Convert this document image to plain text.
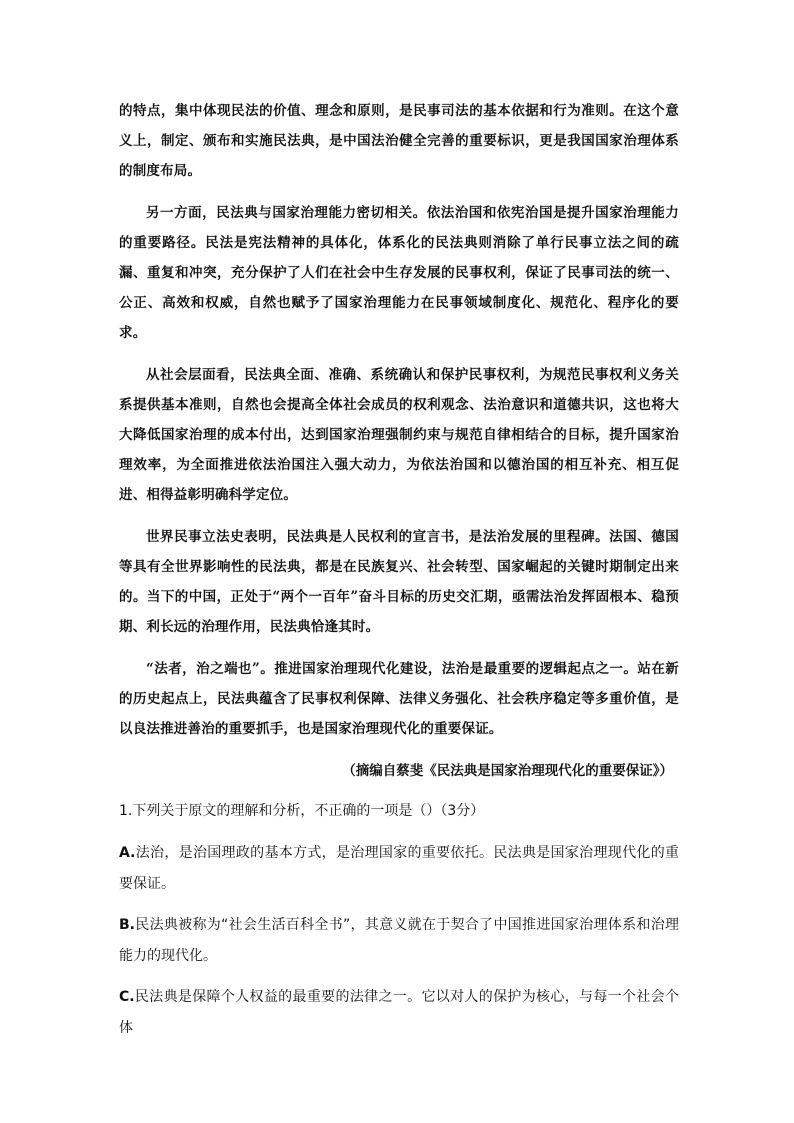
的特点，集中体现民法的价值、理念和原则，是民事司法的基本依据和行为准则。在这个意义上，制定、颁布和实施民法典，是中国法治健全完善的重要标识，更是我国国家治理体系的制度布局。

另一方面，民法典与国家治理能力密切相关。依法治国和依宪治国是提升国家治理能力的重要路径。民法是宪法精神的具体化，体系化的民法典则消除了单行民事立法之间的疏漏、重复和冲突，充分保护了人们在社会中生存发展的民事权利，保证了民事司法的统一、公正、高效和权威，自然也赋予了国家治理能力在民事领域制度化、规范化、程序化的要求。

从社会层面看，民法典全面、准确、系统确认和保护民事权利，为规范民事权利义务关系提供基本准则，自然也会提高全体社会成员的权利观念、法治意识和道德共识，这也将大大降低国家治理的成本付出，达到国家治理强制约束与规范自律相结合的目标，提升国家治理效率，为全面推进依法治国注入强大动力，为依法治国和以德治国的相互补充、相互促进、相得益彰明确科学定位。

世界民事立法史表明，民法典是人民权利的宣言书，是法治发展的里程碑。法国、德国等具有全世界影响性的民法典，都是在民族复兴、社会转型、国家崛起的关键时期制定出来的。当下的中国，正处于“两个一百年”奋斗目标的历史交汇期，亟需法治发挥固根本、稳预期、利长远的治理作用，民法典恰逢其时。

“法者，治之端也”。推进国家治理现代化建设，法治是最重要的逻辑起点之一。站在新的历史起点上，民法典蕴含了民事权利保障、法律义务强化、社会秩序稳定等多重价值，是以良法推进善治的重要抓手，也是国家治理现代化的重要保证。

（摘编自蔡斐《民法典是国家治理现代化的重要保证》）

1.下列关于原文的理解和分析，不正确的一项是（）（3分）

A.法治，是治国理政的基本方式，是治理国家的重要依托。民法典是国家治理现代化的重要保证。

B.民法典被称为“社会生活百科全书”，其意义就在于契合了中国推进国家治理体系和治理能力的现代化。

C.民法典是保障个人权益的最重要的法律之一。它以对人的保护为核心，与每一个社会个体
